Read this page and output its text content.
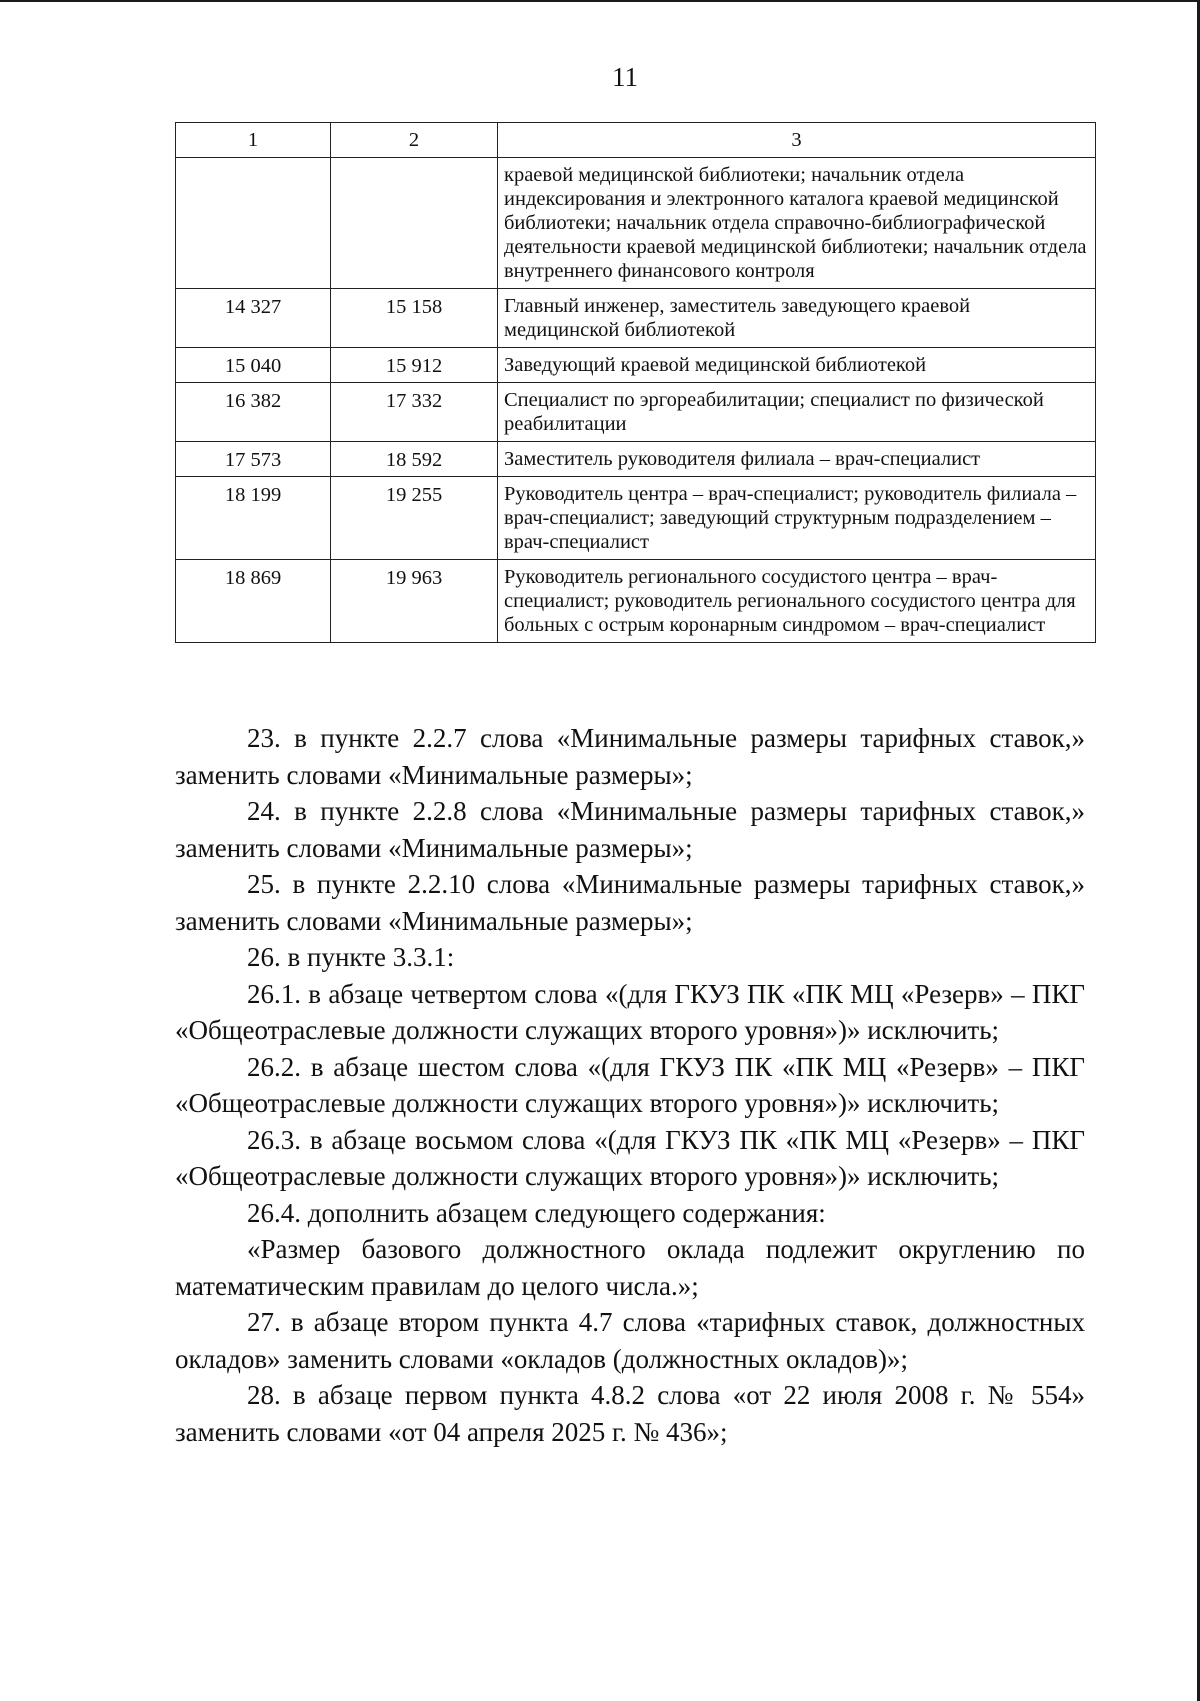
11
1	2	3
		краевой медицинской библиотеки; начальник отдела индексирования и электронного каталога краевой медицинской библиотеки; начальник отдела справочно-библиографической деятельности краевой медицинской библиотеки; начальник отдела внутреннего финансового контроля
14 327	15 158	Главный инженер, заместитель заведующего краевой медицинской библиотекой
15 040	15 912	Заведующий краевой медицинской библиотекой
16 382	17 332	Специалист по эргореабилитации; специалист по физической реабилитации
17 573	18 592	Заместитель руководителя филиала – врач-специалист
18 199	19 255	Руководитель центра – врач-специалист; руководитель филиала – врач-специалист; заведующий структурным подразделением – врач-специалист
18 869	19 963	Руководитель регионального сосудистого центра – врач-специалист; руководитель регионального сосудистого центра для больных с острым коронарным синдромом – врач-специалист

23. в пункте 2.2.7 слова «Минимальные размеры тарифных ставок,» заменить словами «Минимальные размеры»;

24. в пункте 2.2.8 слова «Минимальные размеры тарифных ставок,» заменить словами «Минимальные размеры»;

25. в пункте 2.2.10 слова «Минимальные размеры тарифных ставок,» заменить словами «Минимальные размеры»;

26. в пункте 3.3.1:

26.1. в абзаце четвертом слова «(для ГКУЗ ПК «ПК МЦ «Резерв» – ПКГ «Общеотраслевые должности служащих второго уровня»)» исключить;

26.2. в абзаце шестом слова «(для ГКУЗ ПК «ПК МЦ «Резерв» – ПКГ «Общеотраслевые должности служащих второго уровня»)» исключить;

26.3. в абзаце восьмом слова «(для ГКУЗ ПК «ПК МЦ «Резерв» – ПКГ «Общеотраслевые должности служащих второго уровня»)» исключить;

26.4. дополнить абзацем следующего содержания:

«Размер базового должностного оклада подлежит округлению по математическим правилам до целого числа.»;

27. в абзаце втором пункта 4.7 слова «тарифных ставок, должностных окладов» заменить словами «окладов (должностных окладов)»;

28. в абзаце первом пункта 4.8.2 слова «от 22 июля 2008 г. № 554» заменить словами «от 04 апреля 2025 г. № 436»;
